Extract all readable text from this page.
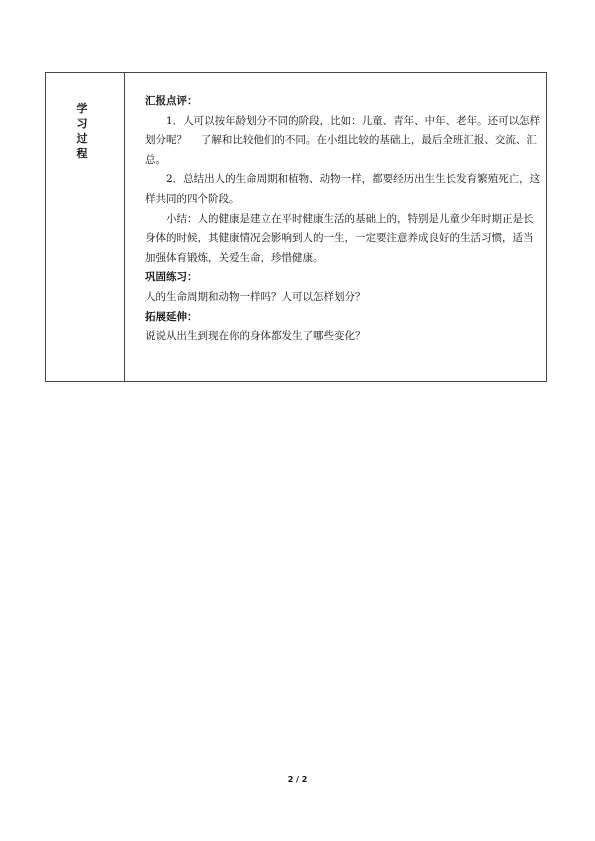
学
习
过
程

汇报点评：

1．人可以按年龄划分不同的阶段，比如：儿童、青年、中年、老年。还可以怎样划分呢？　 了解和比较他们的不同。在小组比较的基础上，最后全班汇报、交流、汇总。

2．总结出人的生命周期和植物、动物一样，都要经历出生生长发育繁殖死亡，这样共同的四个阶段。

小结：人的健康是建立在平时健康生活的基础上的，特别是儿童少年时期正是长身体的时候，其健康情况会影响到人的一生，一定要注意养成良好的生活习惯，适当加强体育锻炼，关爱生命，珍惜健康。

巩固练习：

人的生命周期和动物一样吗？人可以怎样划分？

拓展延伸：

说说从出生到现在你的身体都发生了哪些变化？

2 / 2
